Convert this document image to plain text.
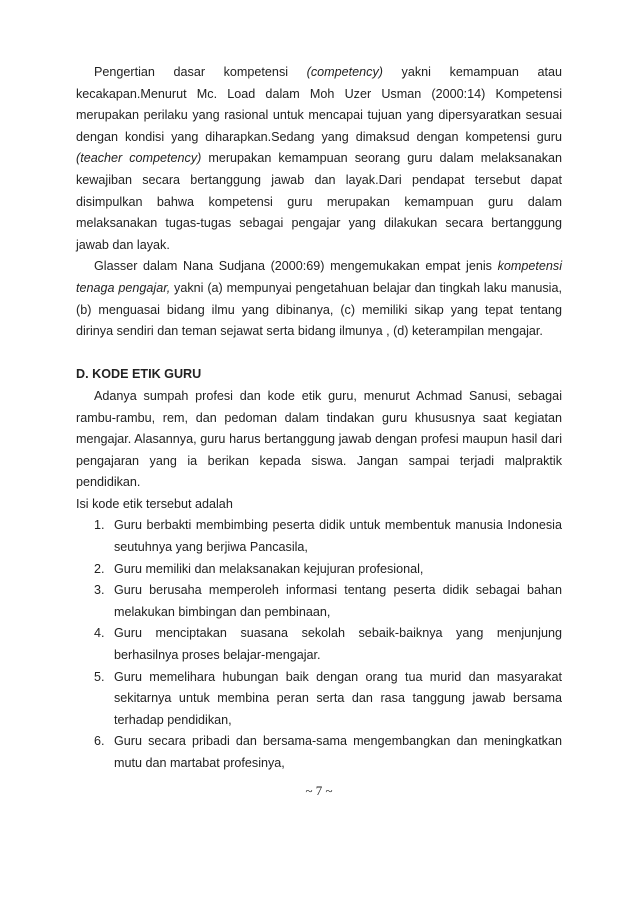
Pengertian dasar kompetensi (competency) yakni kemampuan atau kecakapan.Menurut Mc. Load dalam Moh Uzer Usman (2000:14) Kompetensi merupakan perilaku yang rasional untuk mencapai tujuan yang dipersyaratkan sesuai dengan kondisi yang diharapkan.Sedang yang dimaksud dengan kompetensi guru (teacher competency) merupakan kemampuan seorang guru dalam melaksanakan kewajiban secara bertanggung jawab dan layak.Dari pendapat tersebut dapat disimpulkan bahwa kompetensi guru merupakan kemampuan guru dalam melaksanakan tugas-tugas sebagai pengajar yang dilakukan secara bertanggung jawab dan layak.

Glasser dalam Nana Sudjana (2000:69) mengemukakan empat jenis kompetensi tenaga pengajar, yakni (a) mempunyai pengetahuan belajar dan tingkah laku manusia, (b) menguasai bidang ilmu yang dibinanya, (c) memiliki sikap yang tepat tentang dirinya sendiri dan teman sejawat serta bidang ilmunya , (d) keterampilan mengajar.

D. KODE ETIK GURU

Adanya sumpah profesi dan kode etik guru, menurut Achmad Sanusi, sebagai rambu-rambu, rem, dan pedoman dalam tindakan guru khususnya saat kegiatan mengajar. Alasannya, guru harus bertanggung jawab dengan profesi maupun hasil dari pengajaran yang ia berikan kepada siswa. Jangan sampai terjadi malpraktik pendidikan.

Isi kode etik tersebut adalah

1. Guru berbakti membimbing peserta didik untuk membentuk manusia Indonesia seutuhnya yang berjiwa Pancasila,
2. Guru memiliki dan melaksanakan kejujuran profesional,
3. Guru berusaha memperoleh informasi tentang peserta didik sebagai bahan melakukan bimbingan dan pembinaan,
4. Guru menciptakan suasana sekolah sebaik-baiknya yang menjunjung berhasilnya proses belajar-mengajar.
5. Guru memelihara hubungan baik dengan orang tua murid dan masyarakat sekitarnya untuk membina peran serta dan rasa tanggung jawab bersama terhadap pendidikan,
6. Guru secara pribadi dan bersama-sama mengembangkan dan meningkatkan mutu dan martabat profesinya,
~ 7 ~
